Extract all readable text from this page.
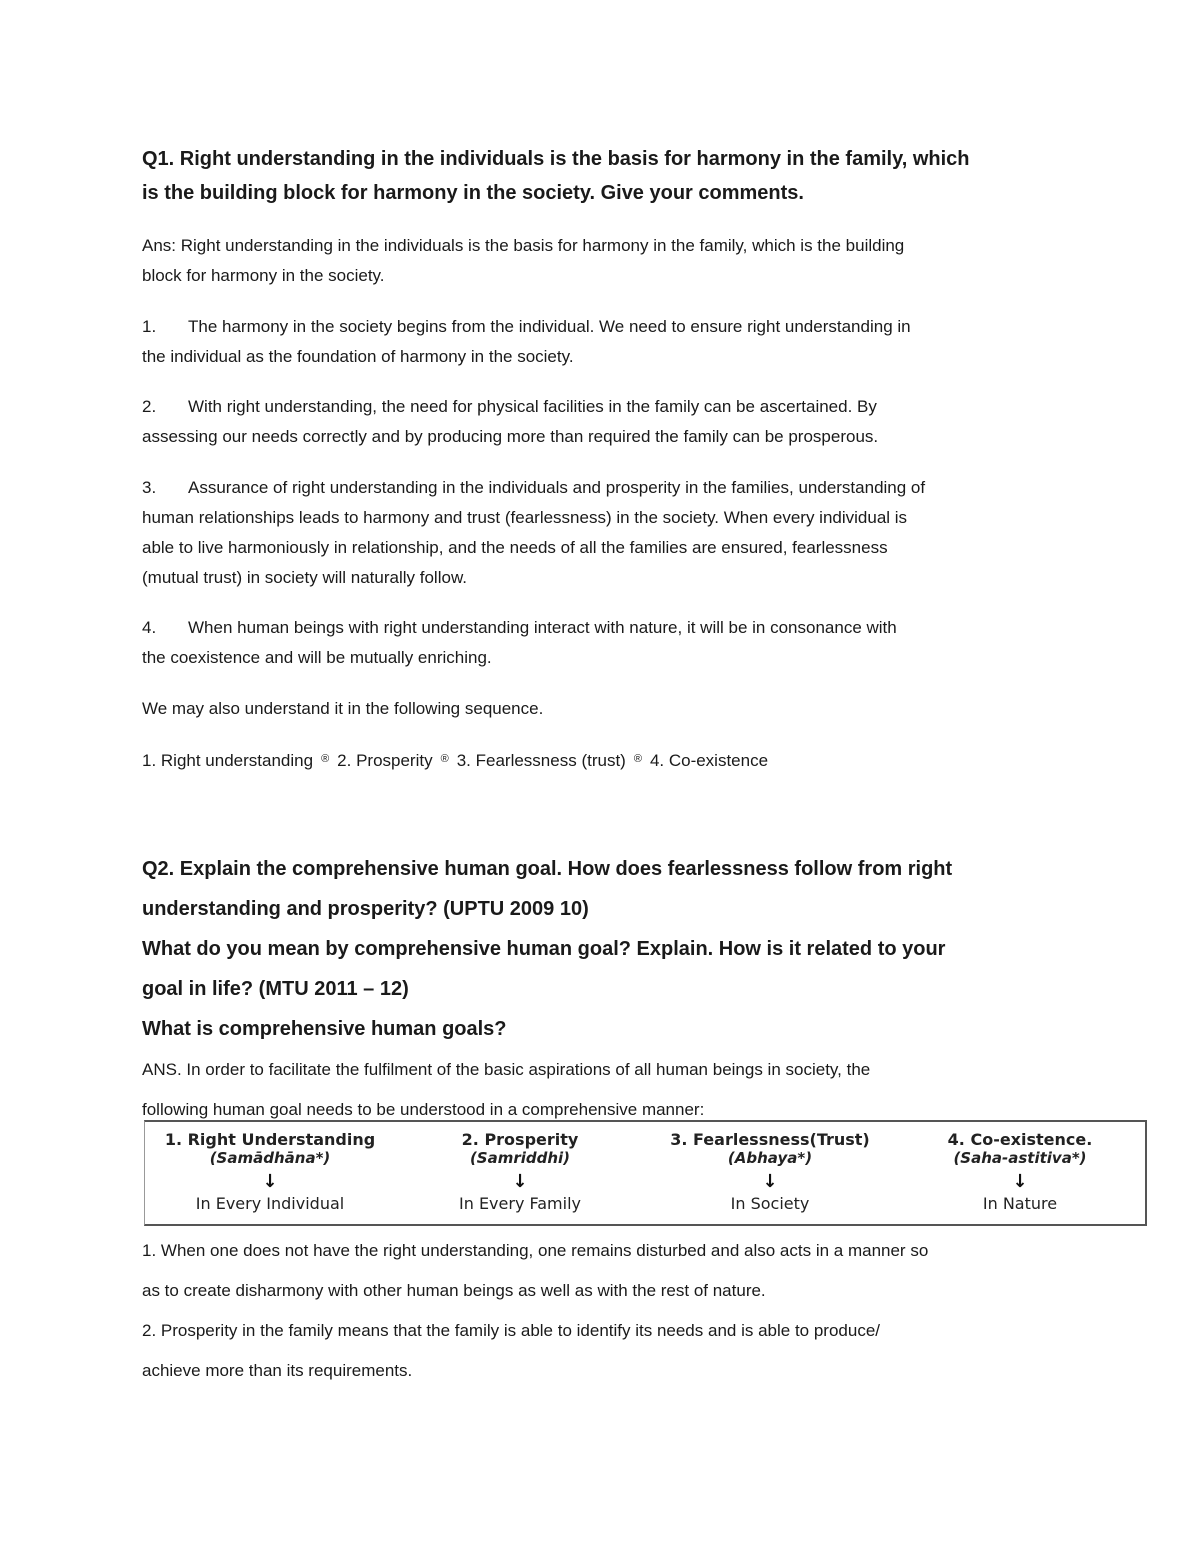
Q1. Right understanding in the individuals is the basis for harmony in the family, which

is the building block for harmony in the society. Give your comments.

Ans: Right understanding in the individuals is the basis for harmony in the family, which is the building

block for harmony in the society.

1. The harmony in the society begins from the individual. We need to ensure right understanding in

the individual as the foundation of harmony in the society.

2. With right understanding, the need for physical facilities in the family can be ascertained. By

assessing our needs correctly and by producing more than required the family can be prosperous.

3. Assurance of right understanding in the individuals and prosperity in the families, understanding of

human relationships leads to harmony and trust (fearlessness) in the society. When every individual is

able to live harmoniously in relationship, and the needs of all the families are ensured, fearlessness

(mutual trust) in society will naturally follow.

4. When human beings with right understanding interact with nature, it will be in consonance with

the coexistence and will be mutually enriching.

We may also understand it in the following sequence.

1. Right understanding ® 2. Prosperity ® 3. Fearlessness (trust) ® 4. Co-existence

Q2. Explain the comprehensive human goal. How does fearlessness follow from right

understanding and prosperity? (UPTU 2009 10)

What do you mean by comprehensive human goal? Explain. How is it related to your

goal in life? (MTU 2011 – 12)

What is comprehensive human goals?

ANS. In order to facilitate the fulfilment of the basic aspirations of all human beings in society, the

following human goal needs to be understood in a comprehensive manner:

1. Right Understanding
(Samādhāna*)
↓
In Every Individual
2. Prosperity
(Samriddhi)
↓
In Every Family
3. Fearlessness(Trust)
(Abhaya*)
↓
In Society
4. Co-existence.
(Saha-astitiva*)
↓
In Nature

1. When one does not have the right understanding, one remains disturbed and also acts in a manner so

as to create disharmony with other human beings as well as with the rest of nature.

2. Prosperity in the family means that the family is able to identify its needs and is able to produce/

achieve more than its requirements.
